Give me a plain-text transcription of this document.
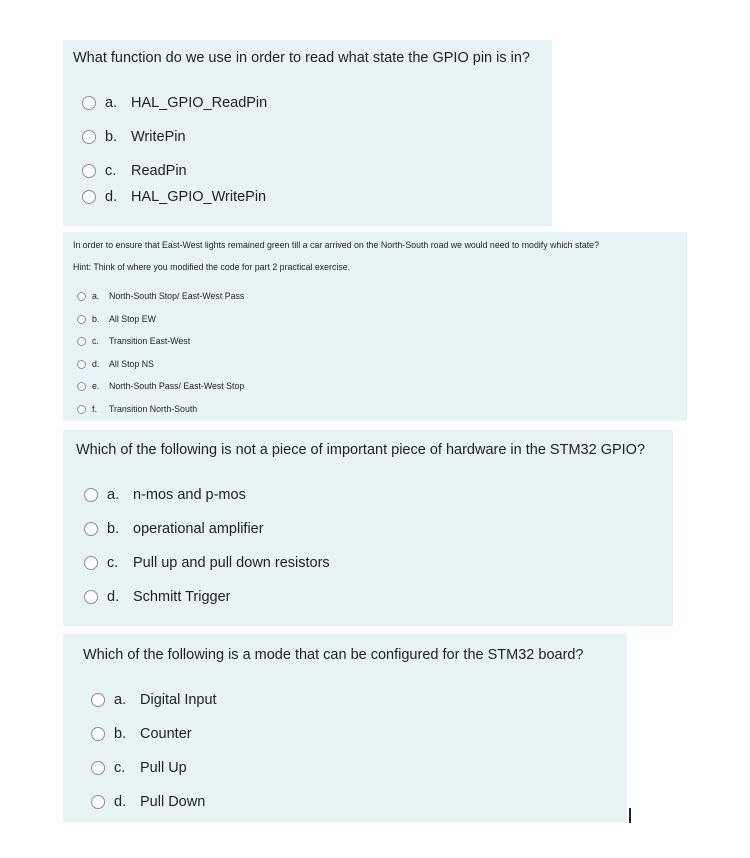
What function do we use in order to read what state the GPIO pin is in?
a. HAL_GPIO_ReadPin
b. WritePin
c.	ReadPin
d. HAL_GPIO_WritePin
In order to ensure that East-West lights remained green till a car arrived on the North-South road we would need to modify which state?
Hint: Think of where you modified the code for part 2 practical exercise.
a.	North-South Stop/ East-West Pass
b.	All Stop EW
c.	Transition East-West
d.	All Stop NS
e.	North-South Pass/ East-West Stop
f.	Transition North-South
Which of the following is not a piece of important piece of hardware in the STM32 GPIO?
a. n-mos and p-mos
b. operational amplifier
c.	Pull up and pull down resistors
d. Schmitt Trigger
Which of the following is a mode that can be configured for the STM32 board?
a. Digital Input
b. Counter
c.	Pull Up
d. Pull Down
